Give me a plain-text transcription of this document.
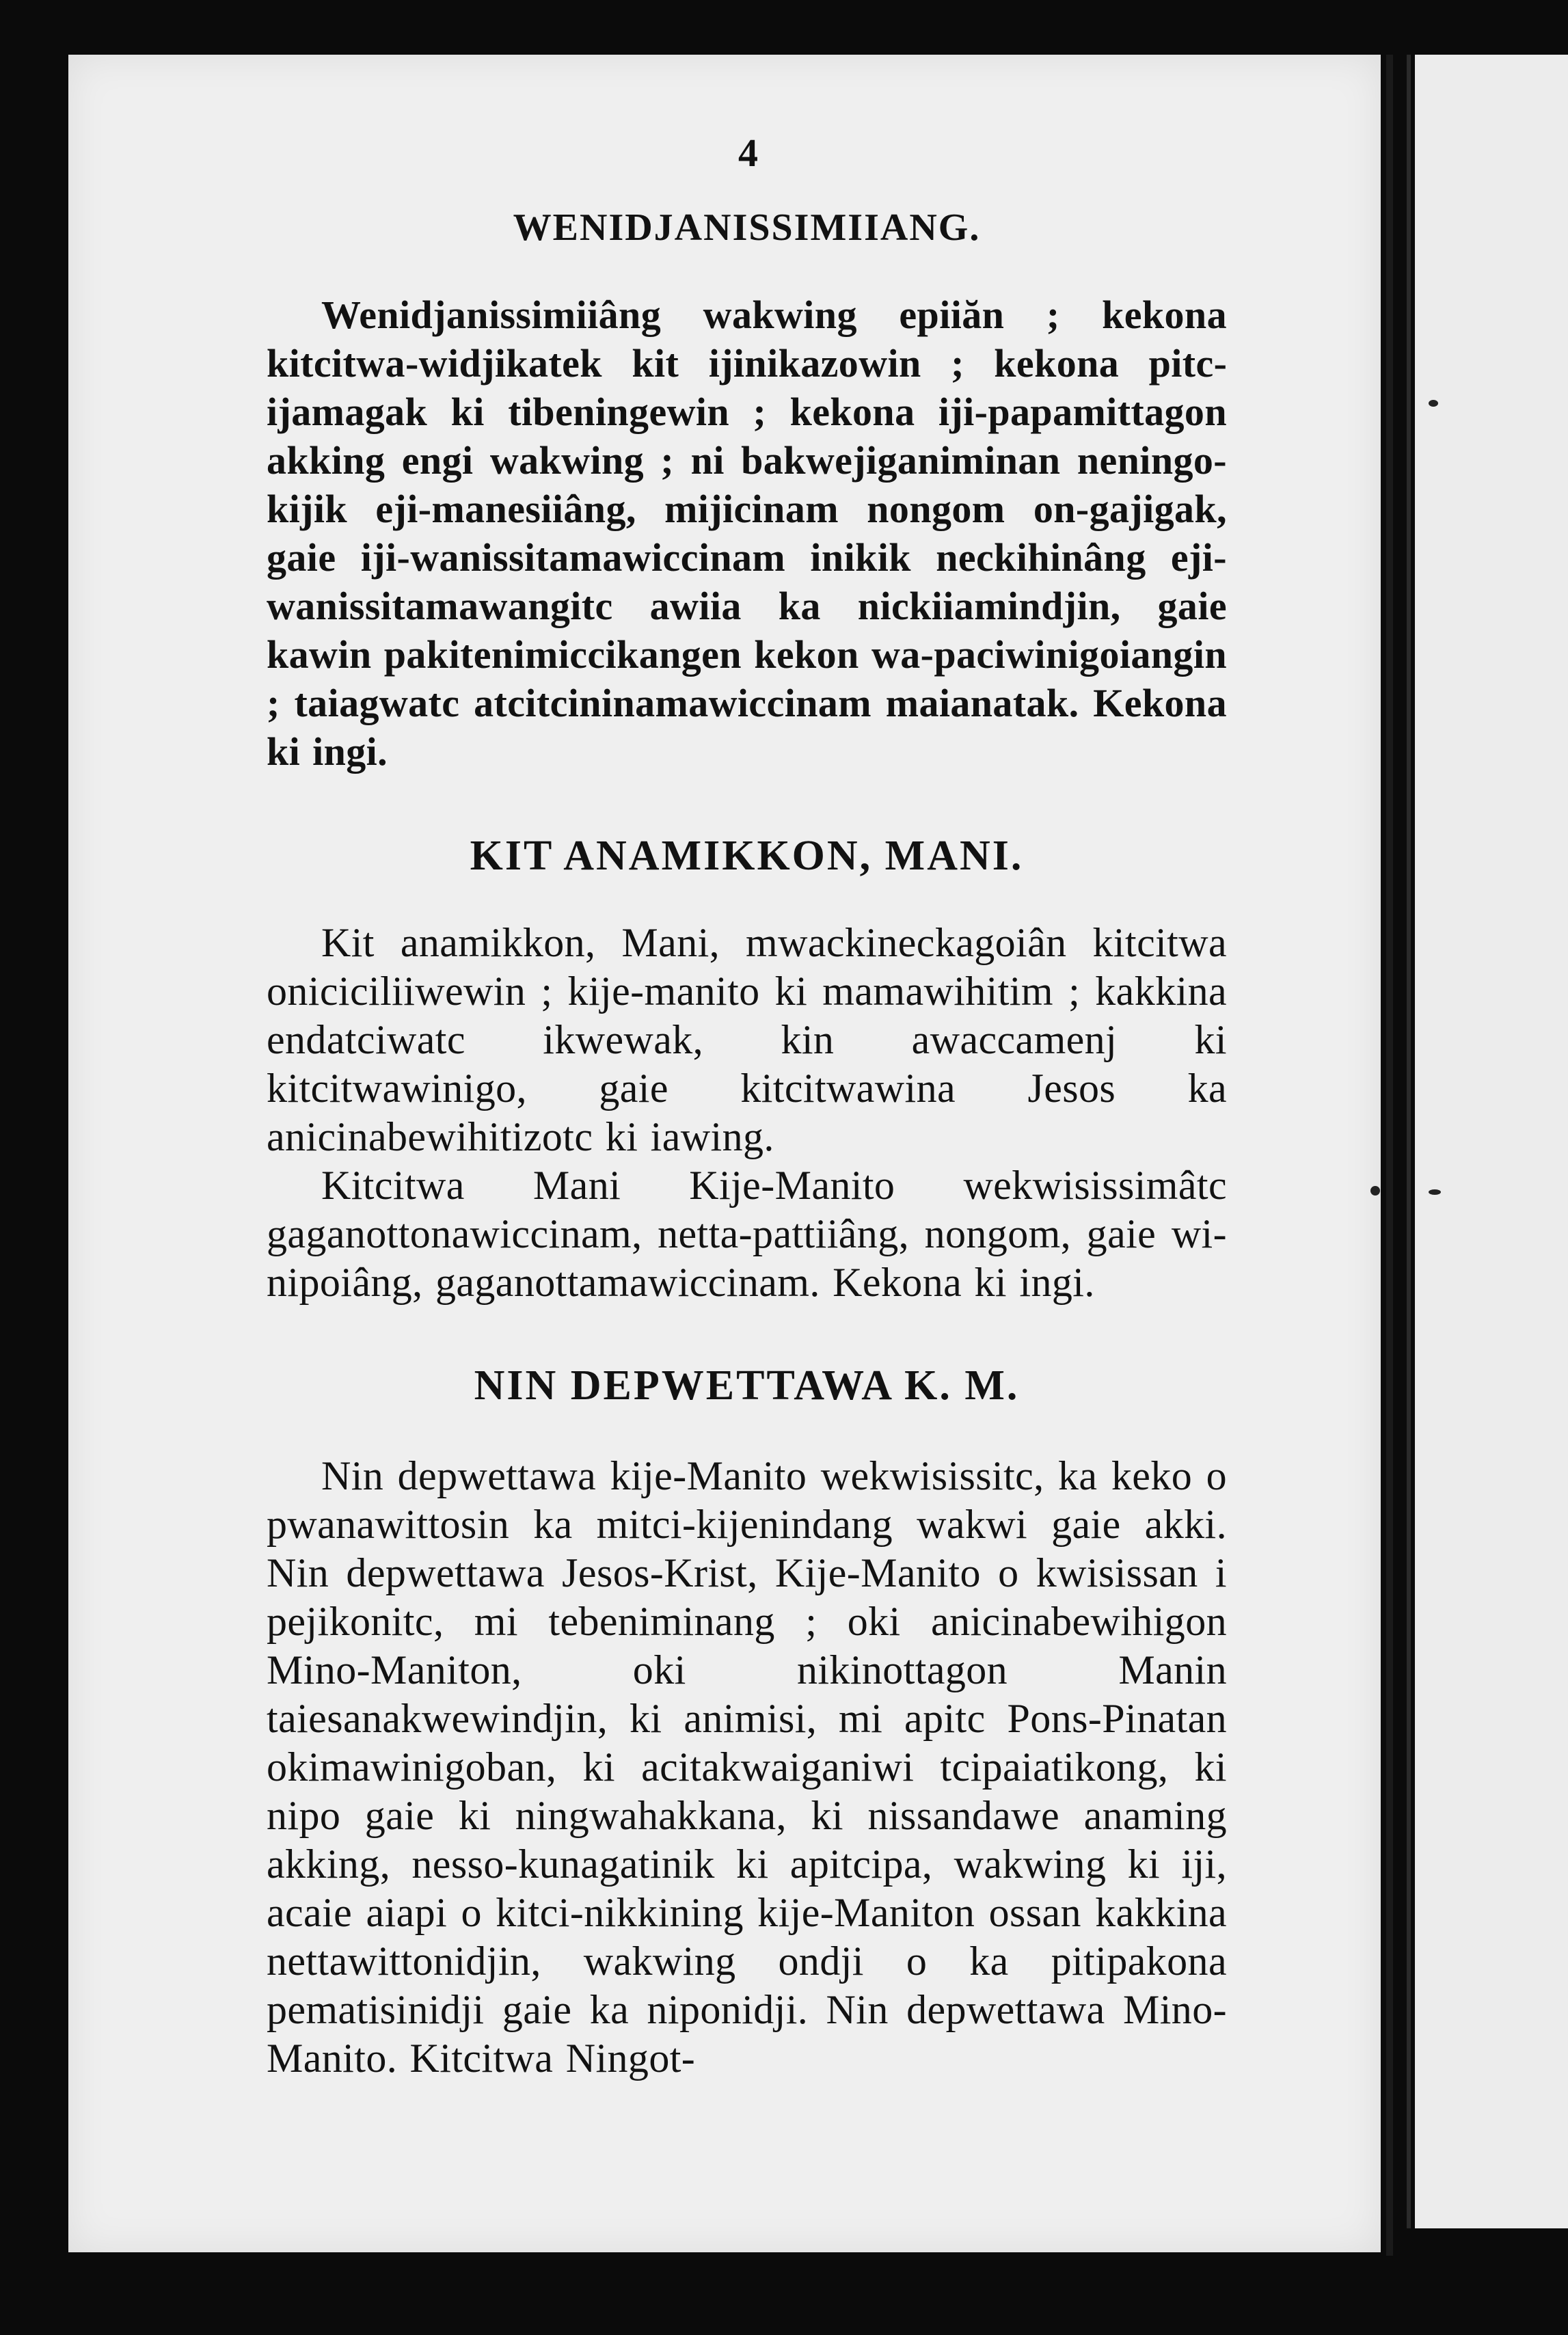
4
WENIDJANISSIMIIANG.

Wenidjanissimiiâng wakwing epiiăn ; kekona kitcitwa-widjikatek kit ijinikazowin ; kekona pitcijamagak ki tibeningewin ; kekona iji-papamittagon akking engi wakwing ; ni bakwejiganiminan neningo-kijik eji-manesiiâng, mijicinam nongom on-gajigak, gaie iji-wanissitamawiccinam inikik neckihinâng eji-wanissitamawangitc awiia ka nickiiamindjin, gaie kawin pakitenimiccikangen kekon wa-paciwinigoiangin ; taiagwatc atcitcininamawiccinam maianatak. Kekona ki ingi.

KIT ANAMIKKON, MANI.

Kit anamikkon, Mani, mwackineckagoiân kitcitwa oniciciliiwewin ; kije-manito ki mamawihitim ; kakkina endatciwatc ikwewak, kin awaccamenj ki kitcitwawinigo, gaie kitcitwawina Jesos ka anicinabewihitizotc ki iawing.

Kitcitwa Mani Kije-Manito wekwisissimâtc gaganottonawiccinam, netta-pattiiâng, nongom, gaie wi-nipoiâng, gaganottamawiccinam. Kekona ki ingi.

NIN DEPWETTAWA K. M.

Nin depwettawa kije-Manito wekwisissitc, ka keko o pwanawittosin ka mitci-kijenindang wakwi gaie akki. Nin depwettawa Jesos-Krist, Kije-Manito o kwisissan i pejikonitc, mi tebeniminang ; oki anicinabewihigon Mino-Maniton, oki nikinottagon Manin taiesanakwewindjin, ki animisi, mi apitc Pons-Pinatan okimawinigoban, ki acitakwaiganiwi tcipaiatikong, ki nipo gaie ki ningwahakkana, ki nissandawe anaming akking, nesso-kunagatinik ki apitcipa, wakwing ki iji, acaie aiapi o kitci-nikkining kije-Maniton ossan kakkina nettawittonidjin, wakwing ondji o ka pitipakona pematisinidji gaie ka niponidji. Nin depwettawa Mino-Manito. Kitcitwa Ningot-
